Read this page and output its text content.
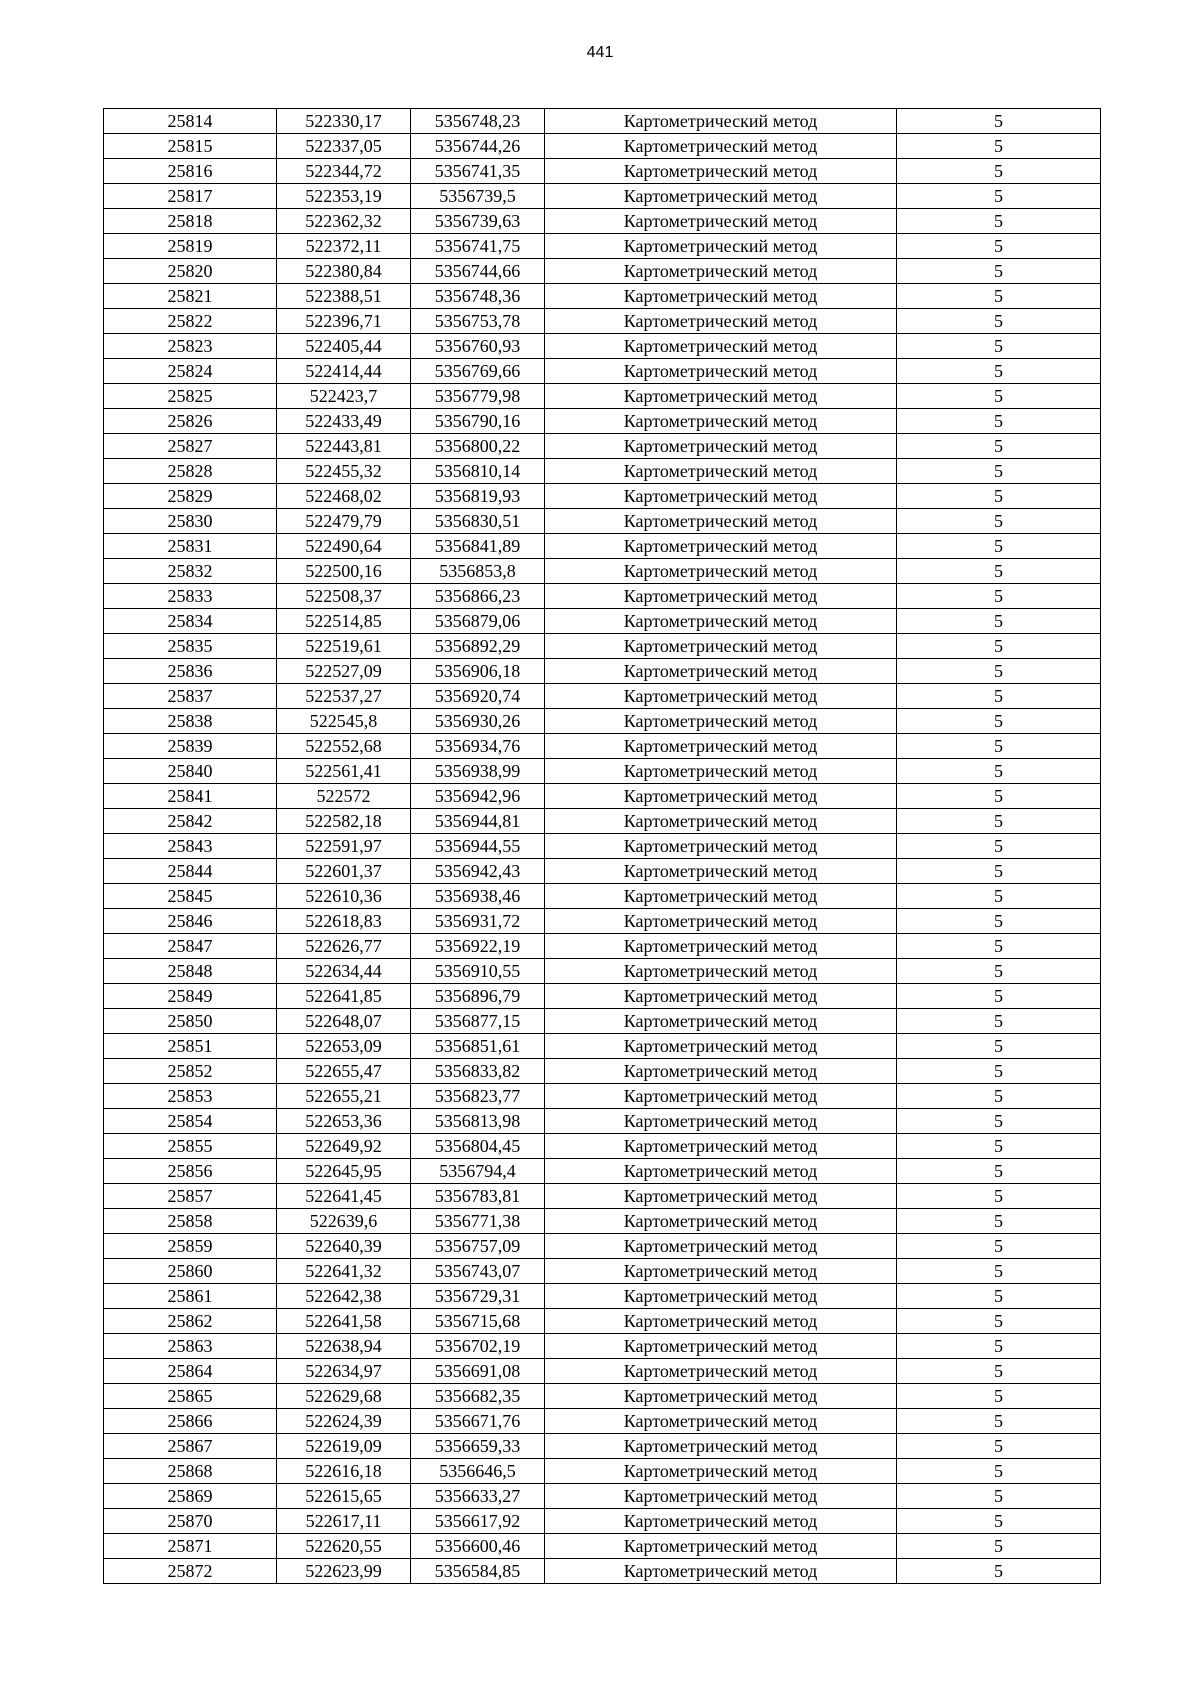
441
25814	522330,17	5356748,23	Картометрический метод	5
25815	522337,05	5356744,26	Картометрический метод	5
25816	522344,72	5356741,35	Картометрический метод	5
25817	522353,19	5356739,5	Картометрический метод	5
25818	522362,32	5356739,63	Картометрический метод	5
25819	522372,11	5356741,75	Картометрический метод	5
25820	522380,84	5356744,66	Картометрический метод	5
25821	522388,51	5356748,36	Картометрический метод	5
25822	522396,71	5356753,78	Картометрический метод	5
25823	522405,44	5356760,93	Картометрический метод	5
25824	522414,44	5356769,66	Картометрический метод	5
25825	522423,7	5356779,98	Картометрический метод	5
25826	522433,49	5356790,16	Картометрический метод	5
25827	522443,81	5356800,22	Картометрический метод	5
25828	522455,32	5356810,14	Картометрический метод	5
25829	522468,02	5356819,93	Картометрический метод	5
25830	522479,79	5356830,51	Картометрический метод	5
25831	522490,64	5356841,89	Картометрический метод	5
25832	522500,16	5356853,8	Картометрический метод	5
25833	522508,37	5356866,23	Картометрический метод	5
25834	522514,85	5356879,06	Картометрический метод	5
25835	522519,61	5356892,29	Картометрический метод	5
25836	522527,09	5356906,18	Картометрический метод	5
25837	522537,27	5356920,74	Картометрический метод	5
25838	522545,8	5356930,26	Картометрический метод	5
25839	522552,68	5356934,76	Картометрический метод	5
25840	522561,41	5356938,99	Картометрический метод	5
25841	522572	5356942,96	Картометрический метод	5
25842	522582,18	5356944,81	Картометрический метод	5
25843	522591,97	5356944,55	Картометрический метод	5
25844	522601,37	5356942,43	Картометрический метод	5
25845	522610,36	5356938,46	Картометрический метод	5
25846	522618,83	5356931,72	Картометрический метод	5
25847	522626,77	5356922,19	Картометрический метод	5
25848	522634,44	5356910,55	Картометрический метод	5
25849	522641,85	5356896,79	Картометрический метод	5
25850	522648,07	5356877,15	Картометрический метод	5
25851	522653,09	5356851,61	Картометрический метод	5
25852	522655,47	5356833,82	Картометрический метод	5
25853	522655,21	5356823,77	Картометрический метод	5
25854	522653,36	5356813,98	Картометрический метод	5
25855	522649,92	5356804,45	Картометрический метод	5
25856	522645,95	5356794,4	Картометрический метод	5
25857	522641,45	5356783,81	Картометрический метод	5
25858	522639,6	5356771,38	Картометрический метод	5
25859	522640,39	5356757,09	Картометрический метод	5
25860	522641,32	5356743,07	Картометрический метод	5
25861	522642,38	5356729,31	Картометрический метод	5
25862	522641,58	5356715,68	Картометрический метод	5
25863	522638,94	5356702,19	Картометрический метод	5
25864	522634,97	5356691,08	Картометрический метод	5
25865	522629,68	5356682,35	Картометрический метод	5
25866	522624,39	5356671,76	Картометрический метод	5
25867	522619,09	5356659,33	Картометрический метод	5
25868	522616,18	5356646,5	Картометрический метод	5
25869	522615,65	5356633,27	Картометрический метод	5
25870	522617,11	5356617,92	Картометрический метод	5
25871	522620,55	5356600,46	Картометрический метод	5
25872	522623,99	5356584,85	Картометрический метод	5
